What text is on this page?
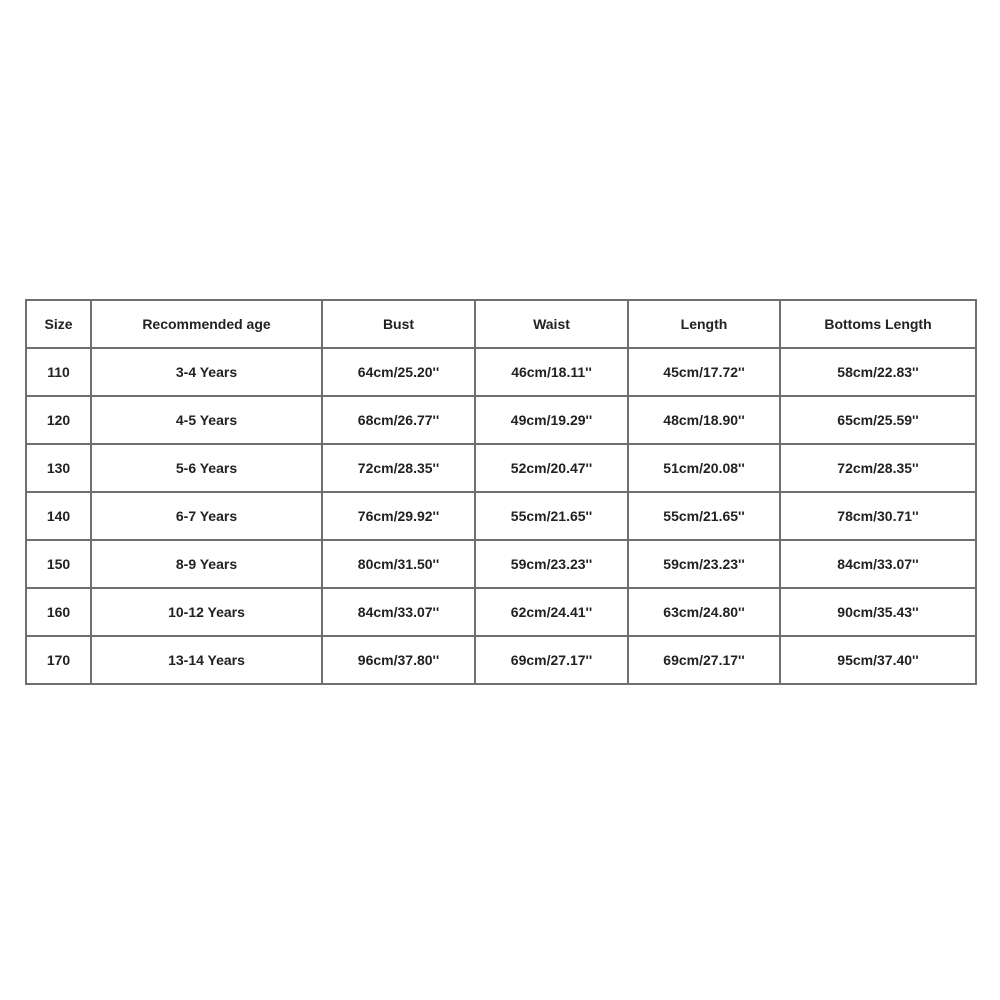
Size	Recommended age	Bust	Waist	Length	Bottoms Length
110	3-4 Years	64cm/25.20''	46cm/18.11''	45cm/17.72''	58cm/22.83''
120	4-5 Years	68cm/26.77''	49cm/19.29''	48cm/18.90''	65cm/25.59''
130	5-6 Years	72cm/28.35''	52cm/20.47''	51cm/20.08''	72cm/28.35''
140	6-7 Years	76cm/29.92''	55cm/21.65''	55cm/21.65''	78cm/30.71''
150	8-9 Years	80cm/31.50''	59cm/23.23''	59cm/23.23''	84cm/33.07''
160	10-12 Years	84cm/33.07''	62cm/24.41''	63cm/24.80''	90cm/35.43''
170	13-14 Years	96cm/37.80''	69cm/27.17''	69cm/27.17''	95cm/37.40''
